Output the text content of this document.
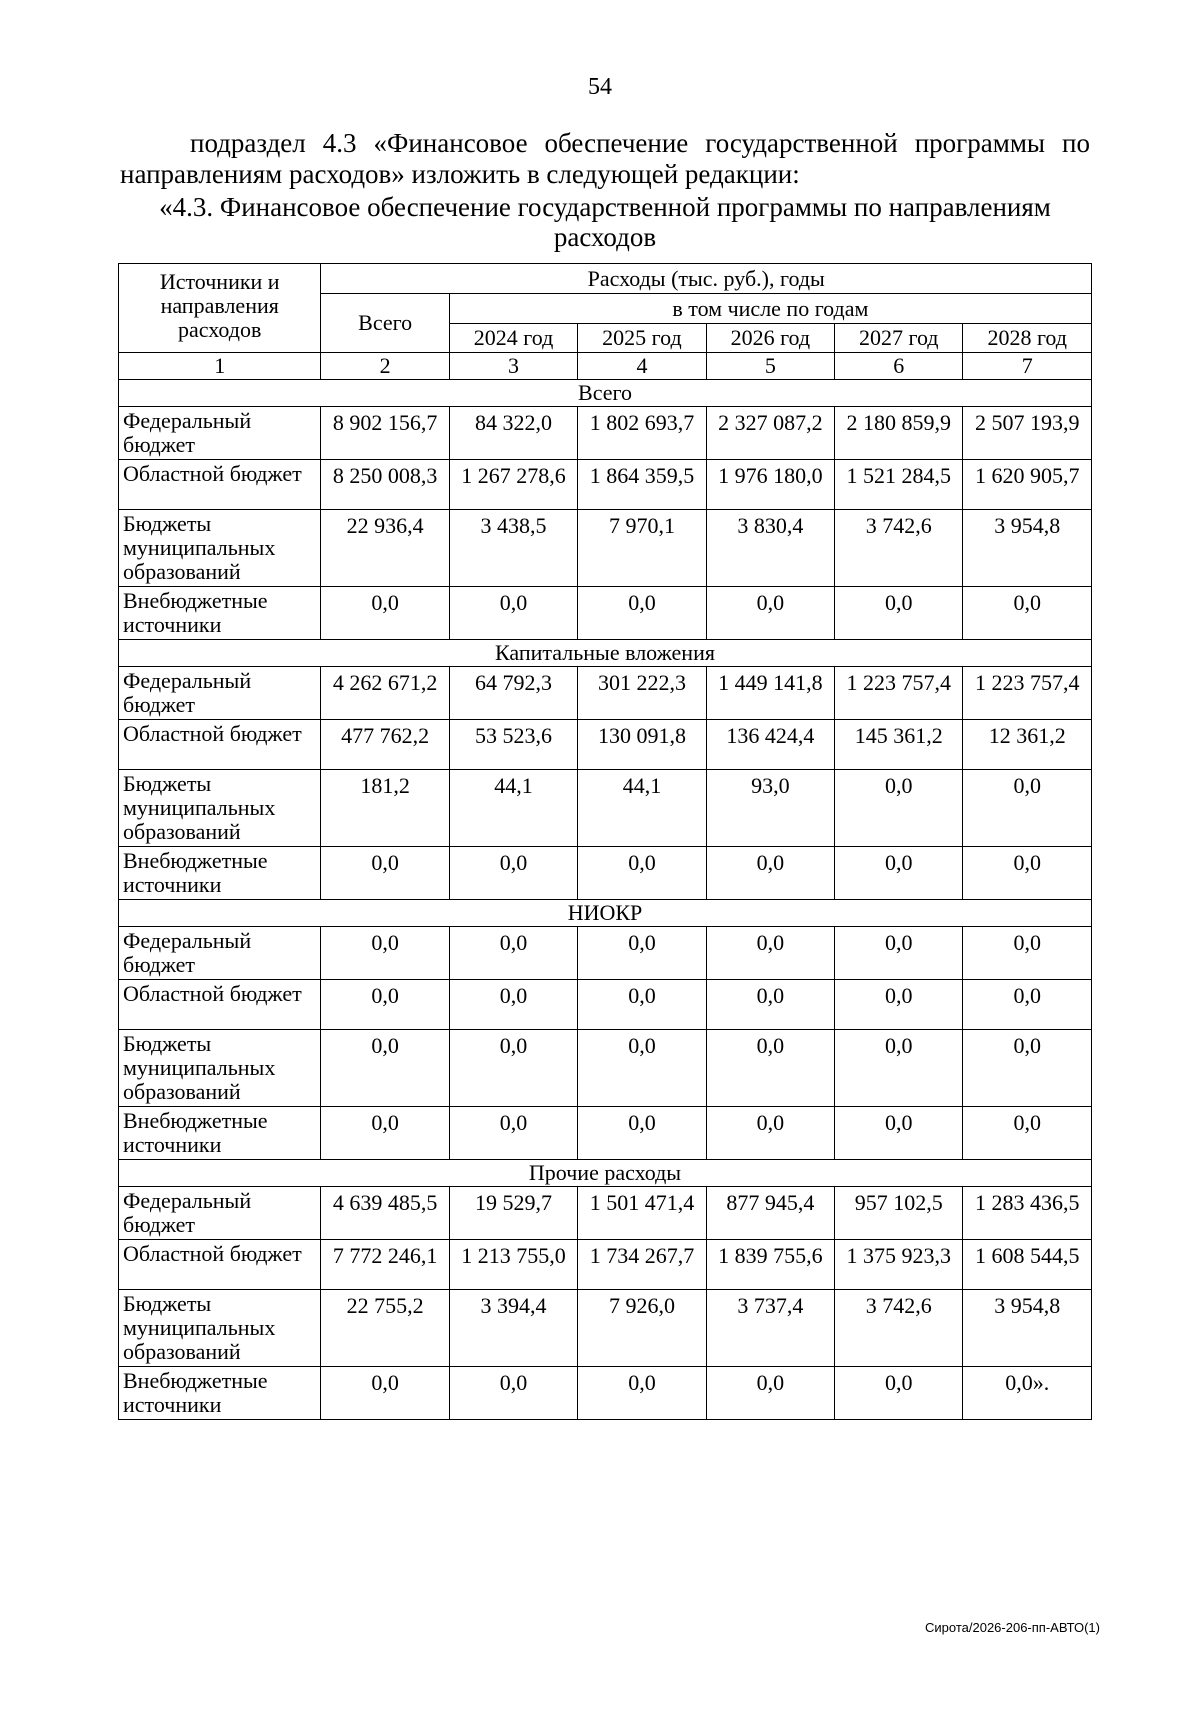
54
подраздел 4.3 «Финансовое обеспечение государственной программы по направлениям расходов» изложить в следующей редакции:
«4.3. Финансовое обеспечение государственной программы по направлениям расходов
Источники и направления расходов	Расходы (тыс. руб.), годы					
	Всего	в том числе по годам				
		2024 год	2025 год	2026 год	2027 год	2028 год
1	2	3	4	5	6	7
Всего						
Федеральный бюджет	8 902 156,7	84 322,0	1 802 693,7	2 327 087,2	2 180 859,9	2 507 193,9
Областной бюджет	8 250 008,3	1 267 278,6	1 864 359,5	1 976 180,0	1 521 284,5	1 620 905,7
Бюджеты муниципальных образований	22 936,4	3 438,5	7 970,1	3 830,4	3 742,6	3 954,8
Внебюджетные источники	0,0	0,0	0,0	0,0	0,0	0,0
Капитальные вложения						
Федеральный бюджет	4 262 671,2	64 792,3	301 222,3	1 449 141,8	1 223 757,4	1 223 757,4
Областной бюджет	477 762,2	53 523,6	130 091,8	136 424,4	145 361,2	12 361,2
Бюджеты муниципальных образований	181,2	44,1	44,1	93,0	0,0	0,0
Внебюджетные источники	0,0	0,0	0,0	0,0	0,0	0,0
НИОКР						
Федеральный бюджет	0,0	0,0	0,0	0,0	0,0	0,0
Областной бюджет	0,0	0,0	0,0	0,0	0,0	0,0
Бюджеты муниципальных образований	0,0	0,0	0,0	0,0	0,0	0,0
Внебюджетные источники	0,0	0,0	0,0	0,0	0,0	0,0
Прочие расходы						
Федеральный бюджет	4 639 485,5	19 529,7	1 501 471,4	877 945,4	957 102,5	1 283 436,5
Областной бюджет	7 772 246,1	1 213 755,0	1 734 267,7	1 839 755,6	1 375 923,3	1 608 544,5
Бюджеты муниципальных образований	22 755,2	3 394,4	7 926,0	3 737,4	3 742,6	3 954,8
Внебюджетные источники	0,0	0,0	0,0	0,0	0,0	0,0».
Сирота/2026-206-пп-АВТО(1)
